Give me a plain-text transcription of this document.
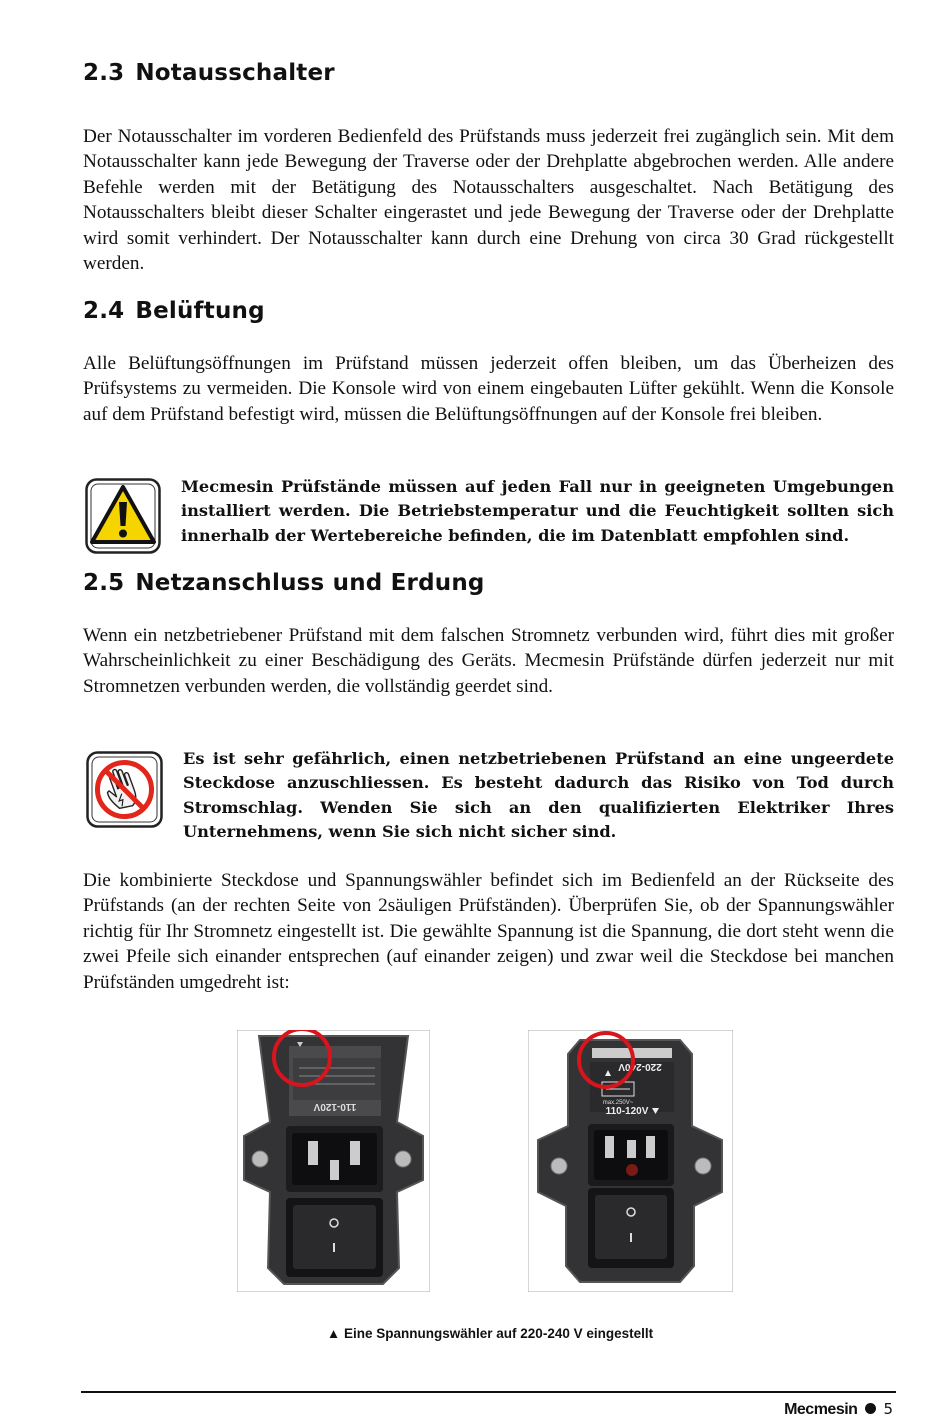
2.3 Notausschalter

Der Notausschalter im vorderen Bedienfeld des Prüfstands muss jederzeit frei zugänglich sein. Mit dem Notausschalter kann jede Bewegung der Traverse oder der Drehplatte abgebrochen werden. Alle andere Befehle werden mit der Betätigung des Notausschalters ausgeschaltet. Nach Betätigung des Notausschalters bleibt dieser Schalter eingerastet und jede Bewegung der Traverse oder der Drehplatte wird somit verhindert. Der Notausschalter kann durch eine Drehung von circa 30 Grad rückgestellt werden.

2.4 Belüftung

Alle Belüftungsöffnungen im Prüfstand müssen jederzeit offen bleiben, um das Überheizen des Prüfsystems zu vermeiden. Die Konsole wird von einem eingebauten Lüfter gekühlt. Wenn die Konsole auf dem Prüfstand befestigt wird, müssen die Belüftungsöffnungen auf der Konsole frei bleiben.

Mecmesin Prüfstände müssen auf jeden Fall nur in geeigneten Umgebungen installiert werden. Die Betriebstemperatur und die Feuchtigkeit sollten sich innerhalb der Wertebereiche befinden, die im Datenblatt empfohlen sind.

2.5 Netzanschluss und Erdung

Wenn ein netzbetriebener Prüfstand mit dem falschen Stromnetz verbunden wird, führt dies mit großer Wahrscheinlichkeit zu einer Beschädigung des Geräts. Mecmesin Prüfstände dürfen jederzeit nur mit Stromnetzen verbunden werden, die vollständig geerdet sind.

Es ist sehr gefährlich, einen netzbetriebenen Prüfstand an eine ungeerdete Steckdose anzuschliessen. Es besteht dadurch das Risiko von Tod durch Stromschlag. Wenden Sie sich an den qualifizierten Elektriker Ihres Unternehmens, wenn Sie sich nicht sicher sind.

Die kombinierte Steckdose und Spannungswähler befindet sich im Bedienfeld an der Rückseite des Prüfstands (an der rechten Seite von 2säuligen Prüfständen). Überprüfen Sie, ob der Spannungswähler richtig für Ihr Stromnetz eingestellt ist. Die gewählte Spannung ist die Spannung, die dort steht wenn die zwei Pfeile sich einander entsprechen (auf einander zeigen) und zwar weil die Steckdose bei manchen Prüfständen umgedreht ist:

110-120V
220-240V
max.250V~
110-120V
▲ Eine Spannungswähler auf 220-240 V eingestellt
Mecmesin 5
